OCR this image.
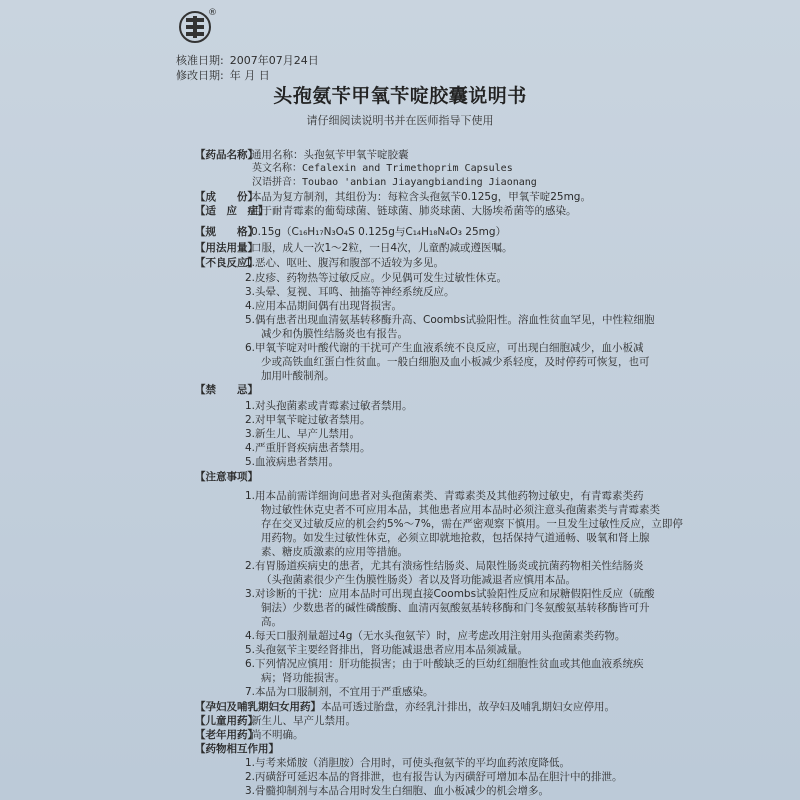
®
核准日期: 2007年07月24日
修改日期: 年 月 日
头孢氨苄甲氧苄啶胶囊说明书
请仔细阅读说明书并在医师指导下使用
【药品名称】通用名称：头孢氨苄甲氧苄啶胶囊
英文名称：Cefalexin and Trimethoprim Capsules
汉语拼音：Toubao 'anbian Jiayangbianding Jiaonang
【成　　份】本品为复方制剂，其组份为：每粒含头孢氨苄0.125g，甲氧苄啶25mg。
【适　应　症】用于耐青霉素的葡萄球菌、链球菌、肺炎球菌、大肠埃希菌等的感染。
【规　　格】0.15g（C₁₆H₁₇N₃O₄S 0.125g与C₁₄H₁₈N₄O₃ 25mg）
【用法用量】口服，成人一次1～2粒，一日4次，儿童酌减或遵医嘱。
【不良反应】
1.恶心、呕吐、腹泻和腹部不适较为多见。
2.皮疹、药物热等过敏反应。少见偶可发生过敏性休克。
3.头晕、复视、耳鸣、抽搐等神经系统反应。
4.应用本品期间偶有出现肾损害。
5.偶有患者出现血清氨基转移酶升高、Coombs试验阳性。溶血性贫血罕见，中性粒细胞
减少和伪膜性结肠炎也有报告。
6.甲氧苄啶对叶酸代谢的干扰可产生血液系统不良反应，可出现白细胞减少，血小板减
少或高铁血红蛋白性贫血。一般白细胞及血小板减少系轻度，及时停药可恢复，也可
加用叶酸制剂。
【禁　　忌】
1.对头孢菌素或青霉素过敏者禁用。
2.对甲氧苄啶过敏者禁用。
3.新生儿、早产儿禁用。
4.严重肝肾疾病患者禁用。
5.血液病患者禁用。
【注意事项】
1.用本品前需详细询问患者对头孢菌素类、青霉素类及其他药物过敏史，有青霉素类药
物过敏性休克史者不可应用本品，其他患者应用本品时必须注意头孢菌素类与青霉素类
存在交叉过敏反应的机会约5%～7%，需在严密观察下慎用。一旦发生过敏性反应，立即停
用药物。如发生过敏性休克，必须立即就地抢救，包括保持气道通畅、吸氧和肾上腺
素、糖皮质激素的应用等措施。
2.有胃肠道疾病史的患者，尤其有溃疡性结肠炎、局限性肠炎或抗菌药物相关性结肠炎
（头孢菌素很少产生伪膜性肠炎）者以及肾功能减退者应慎用本品。
3.对诊断的干扰：应用本品时可出现直接Coombs试验阳性反应和尿糖假阳性反应（硫酸
铜法）少数患者的碱性磷酸酶、血清丙氨酸氨基转移酶和门冬氨酸氨基转移酶皆可升
高。
4.每天口服剂量超过4g（无水头孢氨苄）时，应考虑改用注射用头孢菌素类药物。
5.头孢氨苄主要经肾排出，肾功能减退患者应用本品须减量。
6.下列情况应慎用：肝功能损害；由于叶酸缺乏的巨幼红细胞性贫血或其他血液系统疾
病；肾功能损害。
7.本品为口服制剂，不宜用于严重感染。
【孕妇及哺乳期妇女用药】本品可透过胎盘，亦经乳汁排出，故孕妇及哺乳期妇女应停用。
【儿童用药】新生儿、早产儿禁用。
【老年用药】尚不明确。
【药物相互作用】
1.与考来烯胺（消胆胺）合用时，可使头孢氨苄的平均血药浓度降低。
2.丙磺舒可延迟本品的肾排泄，也有报告认为丙磺舒可增加本品在胆汁中的排泄。
3.骨髓抑制剂与本品合用时发生白细胞、血小板减少的机会增多。
